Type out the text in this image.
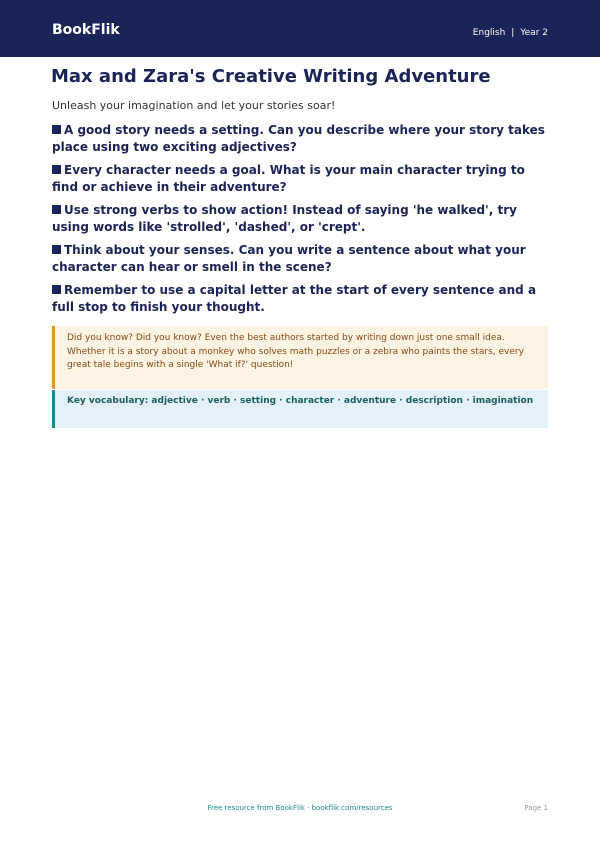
BookFlik	English | Year 2
Max and Zara's Creative Writing Adventure
Unleash your imagination and let your stories soar!

A good story needs a setting. Can you describe where your story takes place using two exciting adjectives?

Every character needs a goal. What is your main character trying to find or achieve in their adventure?

Use strong verbs to show action! Instead of saying 'he walked', try using words like 'strolled', 'dashed', or 'crept'.

Think about your senses. Can you write a sentence about what your character can hear or smell in the scene?

Remember to use a capital letter at the start of every sentence and a full stop to finish your thought.

Did you know? Did you know? Even the best authors started by writing down just one small idea. Whether it is a story about a monkey who solves math puzzles or a zebra who paints the stars, every great tale begins with a single 'What if?' question!
Key vocabulary: adjective · verb · setting · character · adventure · description · imagination
Free resource from BookFlik · bookflik.com/resources	Page 1
